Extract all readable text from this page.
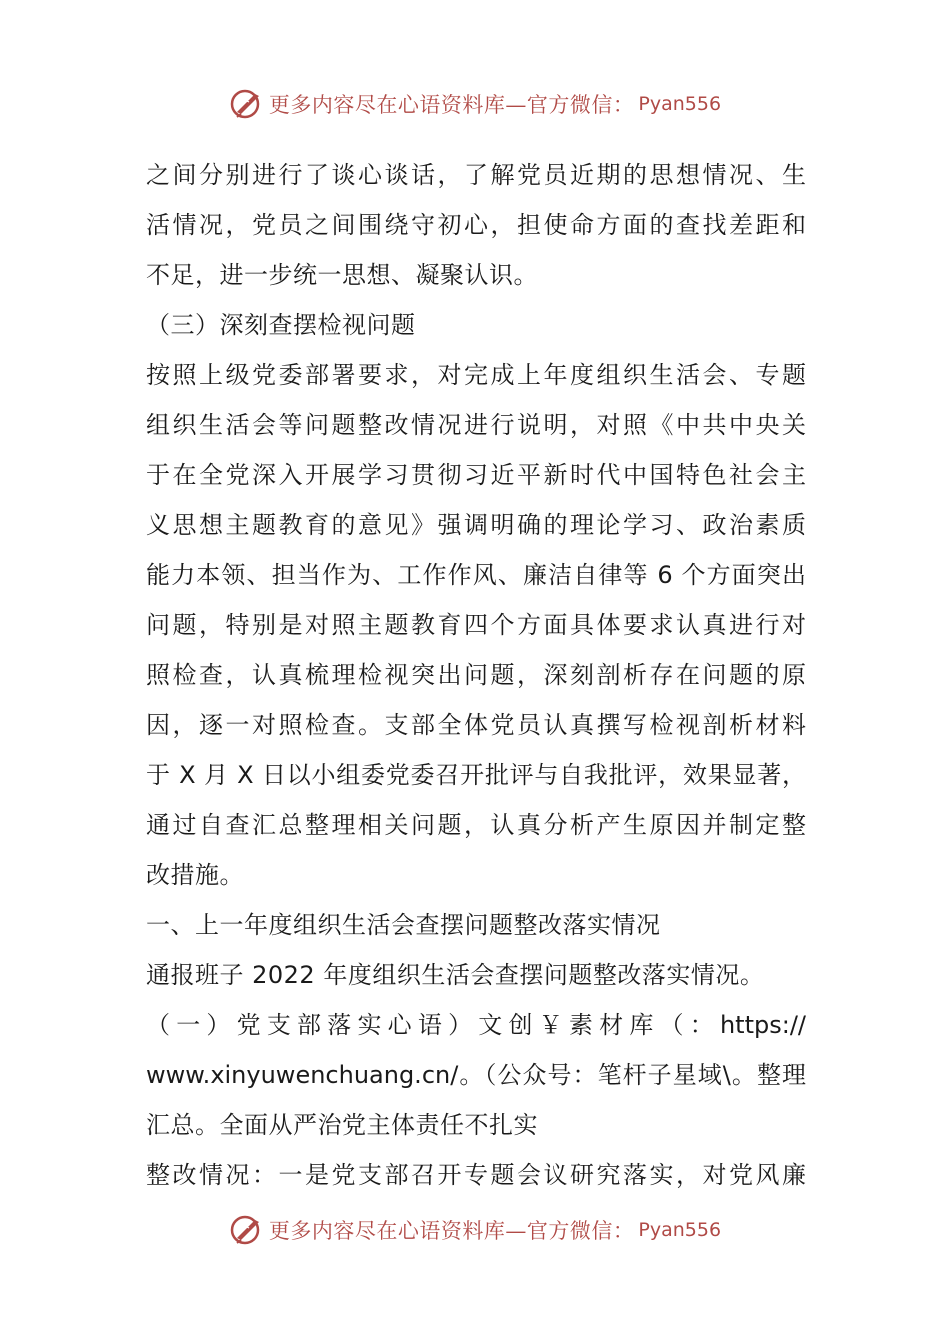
更多内容尽在心语资料库—官方微信： Pyan556
之间分别进行了谈心谈话，了解党员近期的思想情况、生
活情况，党员之间围绕守初心，担使命方面的查找差距和
不足，进一步统一思想、凝聚认识。
（三）深刻查摆检视问题
按照上级党委部署要求，对完成上年度组织生活会、专题
组织生活会等问题整改情况进行说明，对照《中共中央关
于在全党深入开展学习贯彻习近平新时代中国特色社会主
义思想主题教育的意见》强调明确的理论学习、政治素质
能力本领、担当作为、工作作风、廉洁自律等 6 个方面突出
问题，特别是对照主题教育四个方面具体要求认真进行对
照检查，认真梳理检视突出问题，深刻剖析存在问题的原
因，逐一对照检查。支部全体党员认真撰写检视剖析材料
于 X 月 X 日以小组委党委召开批评与自我批评，效果显著，
通过自查汇总整理相关问题，认真分析产生原因并制定整
改措施。
一、上一年度组织生活会查摆问题整改落实情况
通报班子 2022 年度组织生活会查摆问题整改落实情况。
（一）党支部落实心语）文创￥素材库（：https://
www.xinyuwenchuang.cn/。（公众号：笔杆子星域\。整理
汇总。全面从严治党主体责任不扎实
整改情况：一是党支部召开专题会议研究落实，对党风廉
更多内容尽在心语资料库—官方微信： Pyan556
